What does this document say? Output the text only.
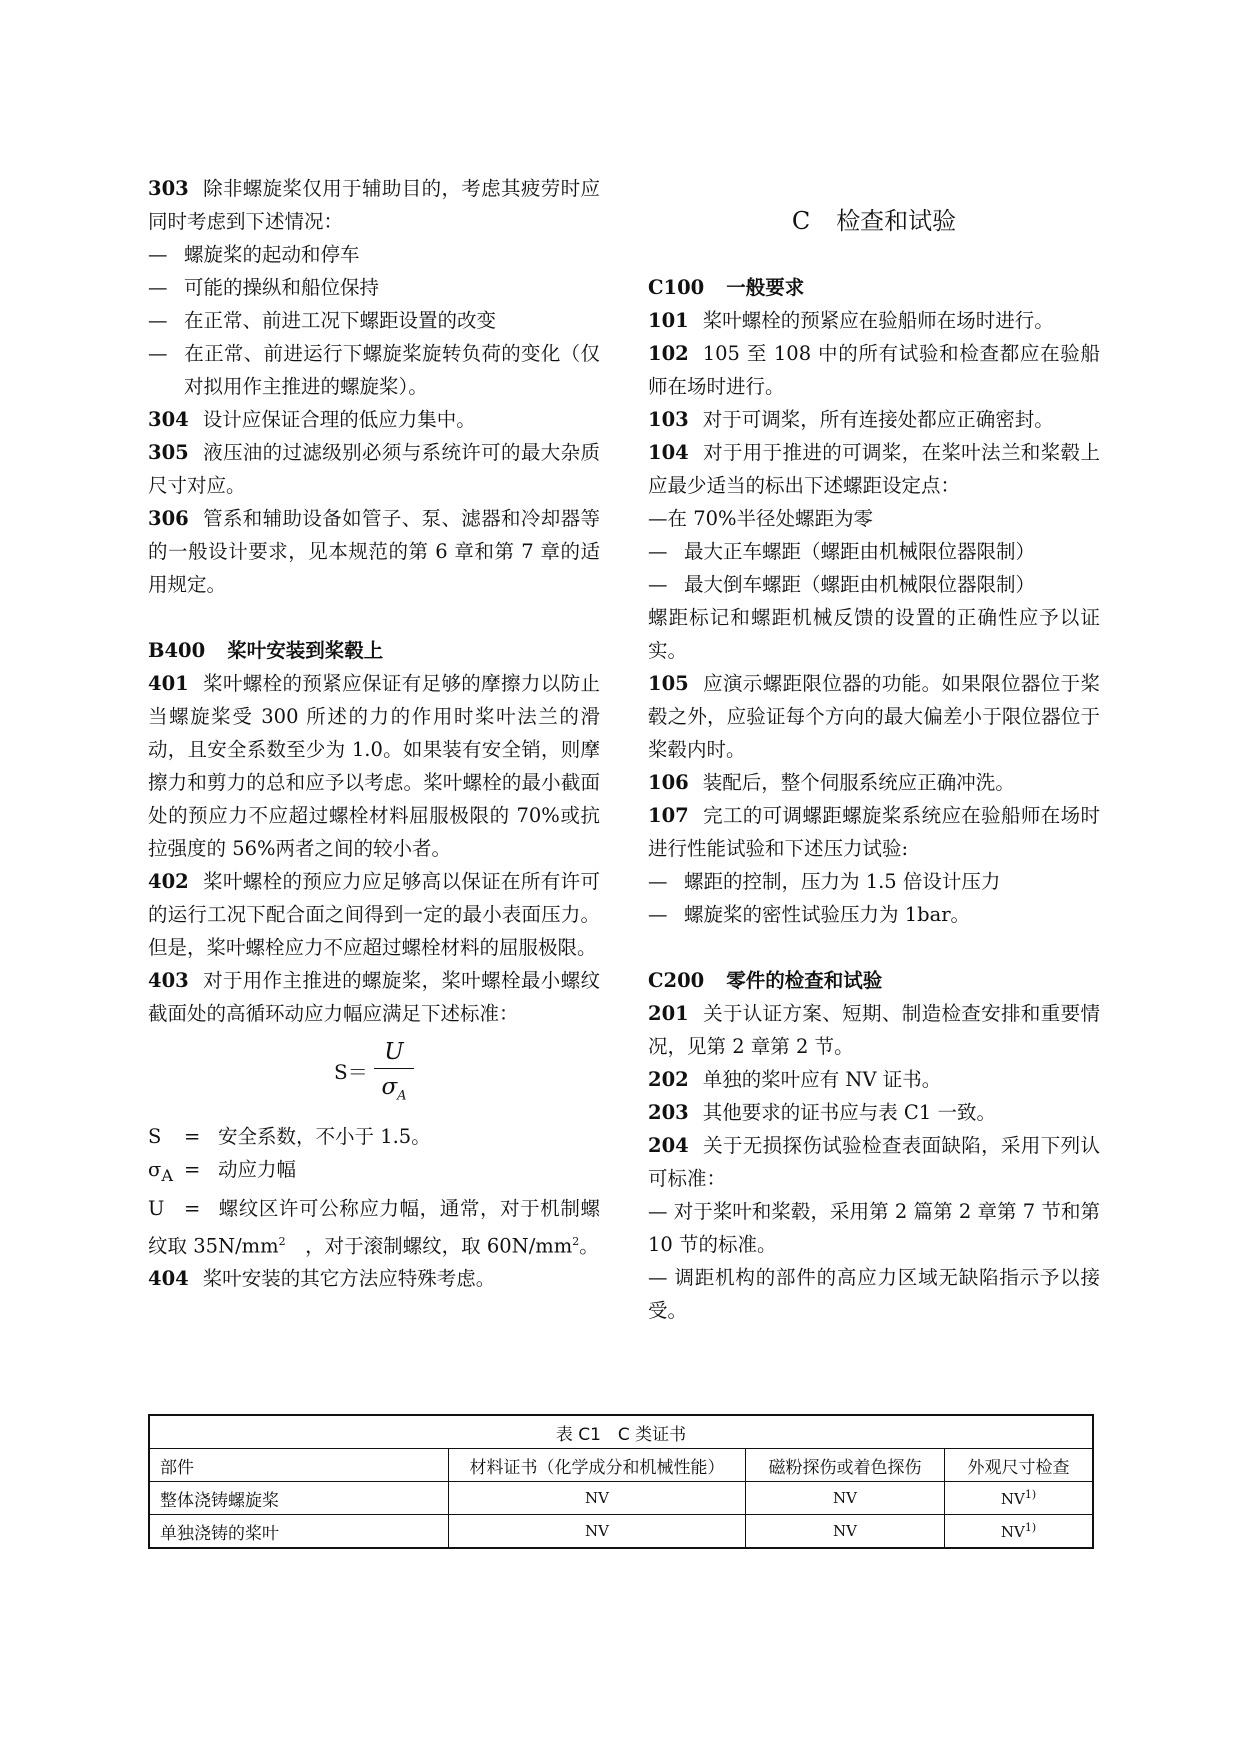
303 除非螺旋桨仅用于辅助目的，考虑其疲劳时应同时考虑到下述情况：

— 螺旋桨的起动和停车

— 可能的操纵和船位保持

— 在正常、前进工况下螺距设置的改变

— 在正常、前进运行下螺旋桨旋转负荷的变化（仅对拟用作主推进的螺旋桨）。

304 设计应保证合理的低应力集中。

305 液压油的过滤级别必须与系统许可的最大杂质尺寸对应。

306 管系和辅助设备如管子、泵、滤器和冷却器等的一般设计要求，见本规范的第 6 章和第 7 章的适用规定。

B400 桨叶安装到桨毂上

401 桨叶螺栓的预紧应保证有足够的摩擦力以防止当螺旋桨受 300 所述的力的作用时桨叶法兰的滑动，且安全系数至少为 1.0。如果装有安全销，则摩擦力和剪力的总和应予以考虑。桨叶螺栓的最小截面处的预应力不应超过螺栓材料屈服极限的 70%或抗拉强度的 56%两者之间的较小者。

402 桨叶螺栓的预应力应足够高以保证在所有许可的运行工况下配合面之间得到一定的最小表面压力。但是，桨叶螺栓应力不应超过螺栓材料的屈服极限。

403 对于用作主推进的螺旋桨，桨叶螺栓最小螺纹截面处的高循环动应力幅应满足下述标准：

$S= \frac{U}{\sigma_A}$

S = 安全系数，不小于 1.5。

$\sigma_A$ = 动应力幅

U = 螺纹区许可公称应力幅，通常，对于机制螺纹取 $35N/mm^2$　，对于滚制螺纹，取 $60N/mm^2$。

404 桨叶安装的其它方法应特殊考虑。

C 检查和试验

C100 一般要求

101 桨叶螺栓的预紧应在验船师在场时进行。

102 105 至 108 中的所有试验和检查都应在验船师在场时进行。

103 对于可调桨，所有连接处都应正确密封。

104 对于用于推进的可调桨，在桨叶法兰和桨毂上应最少适当的标出下述螺距设定点：

—在 70%半径处螺距为零

— 最大正车螺距（螺距由机械限位器限制）

— 最大倒车螺距（螺距由机械限位器限制）

螺距标记和螺距机械反馈的设置的正确性应予以证实。

105 应演示螺距限位器的功能。如果限位器位于桨毂之外，应验证每个方向的最大偏差小于限位器位于桨毂内时。

106 装配后，整个伺服系统应正确冲洗。

107 完工的可调螺距螺旋桨系统应在验船师在场时进行性能试验和下述压力试验:

— 螺距的控制，压力为 1.5 倍设计压力

— 螺旋桨的密性试验压力为 1bar。

C200 零件的检查和试验

201 关于认证方案、短期、制造检查安排和重要情况，见第 2 章第 2 节。

202 单独的桨叶应有 NV 证书。

203 其他要求的证书应与表 C1 一致。

204 关于无损探伤试验检查表面缺陷，采用下列认可标准：

— 对于桨叶和桨毂，采用第 2 篇第 2 章第 7 节和第 10 节的标准。

— 调距机构的部件的高应力区域无缺陷指示予以接受。

表 C1　C 类证书			
部件	材料证书（化学成分和机械性能）	磁粉探伤或着色探伤	外观尺寸检查
整体浇铸螺旋桨	NV	NV	NV$^{1)}$
单独浇铸的桨叶	NV	NV	NV$^{1)}$
